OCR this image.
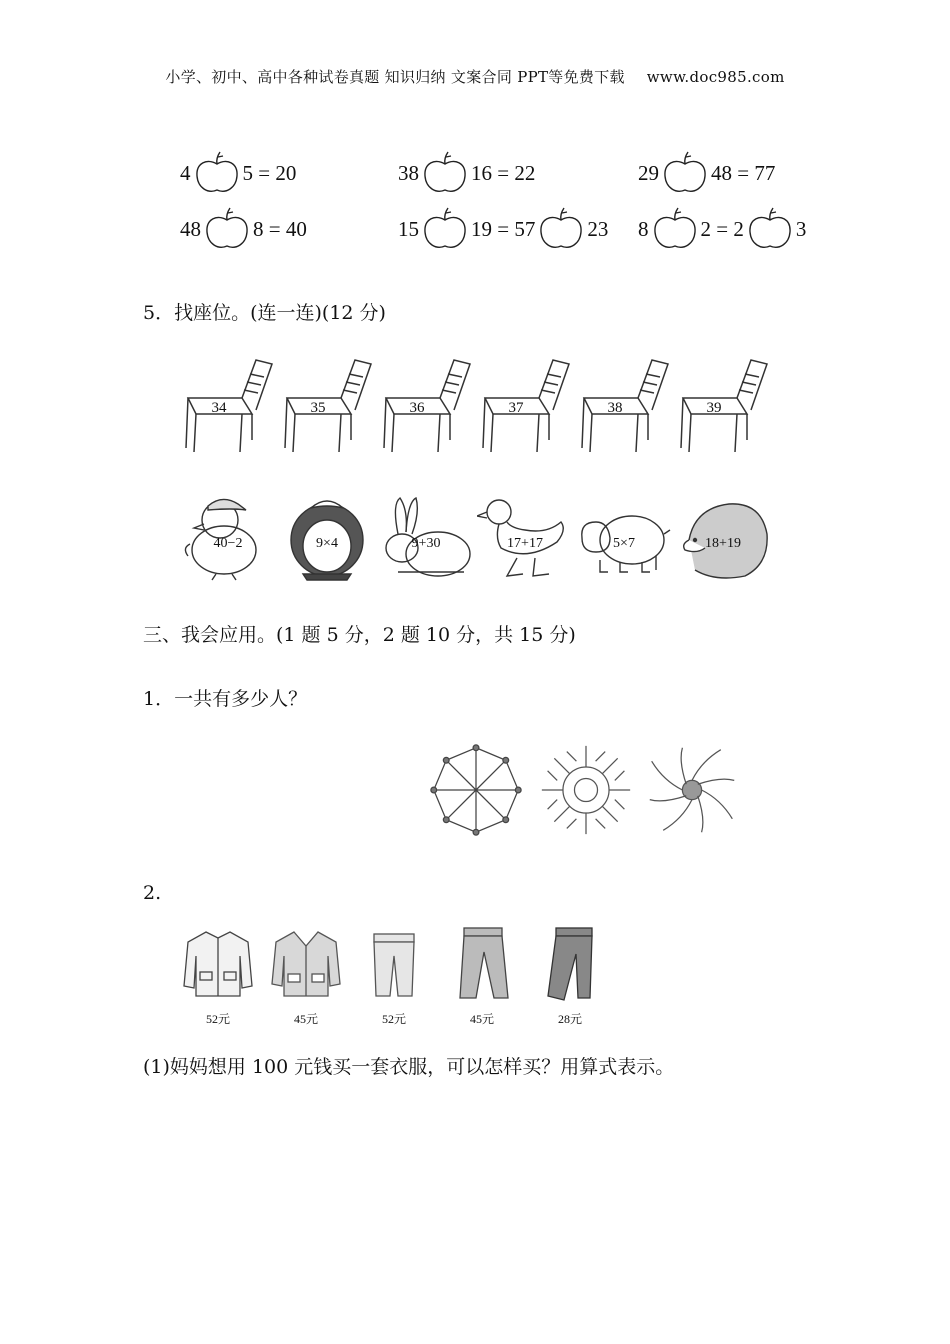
小学、初中、高中各种试卷真题 知识归纳 文案合同 PPT等免费下载 www.doc985.com
4 5 = 20	38 16 = 22	29 48 = 77
48 8 = 40	15 19 = 57 23 8 2 = 2 3
5．找座位。(连一连)(12 分)
34	35	36	37	38	39
40−2	9×4	9+30	17+17	5×7	18+19
三、我会应用。(1 题 5 分，2 题 10 分，共 15 分)
1．一共有多少人？
2.
52元	45元	52元	45元	28元
(1)妈妈想用 100 元钱买一套衣服，可以怎样买？用算式表示。
